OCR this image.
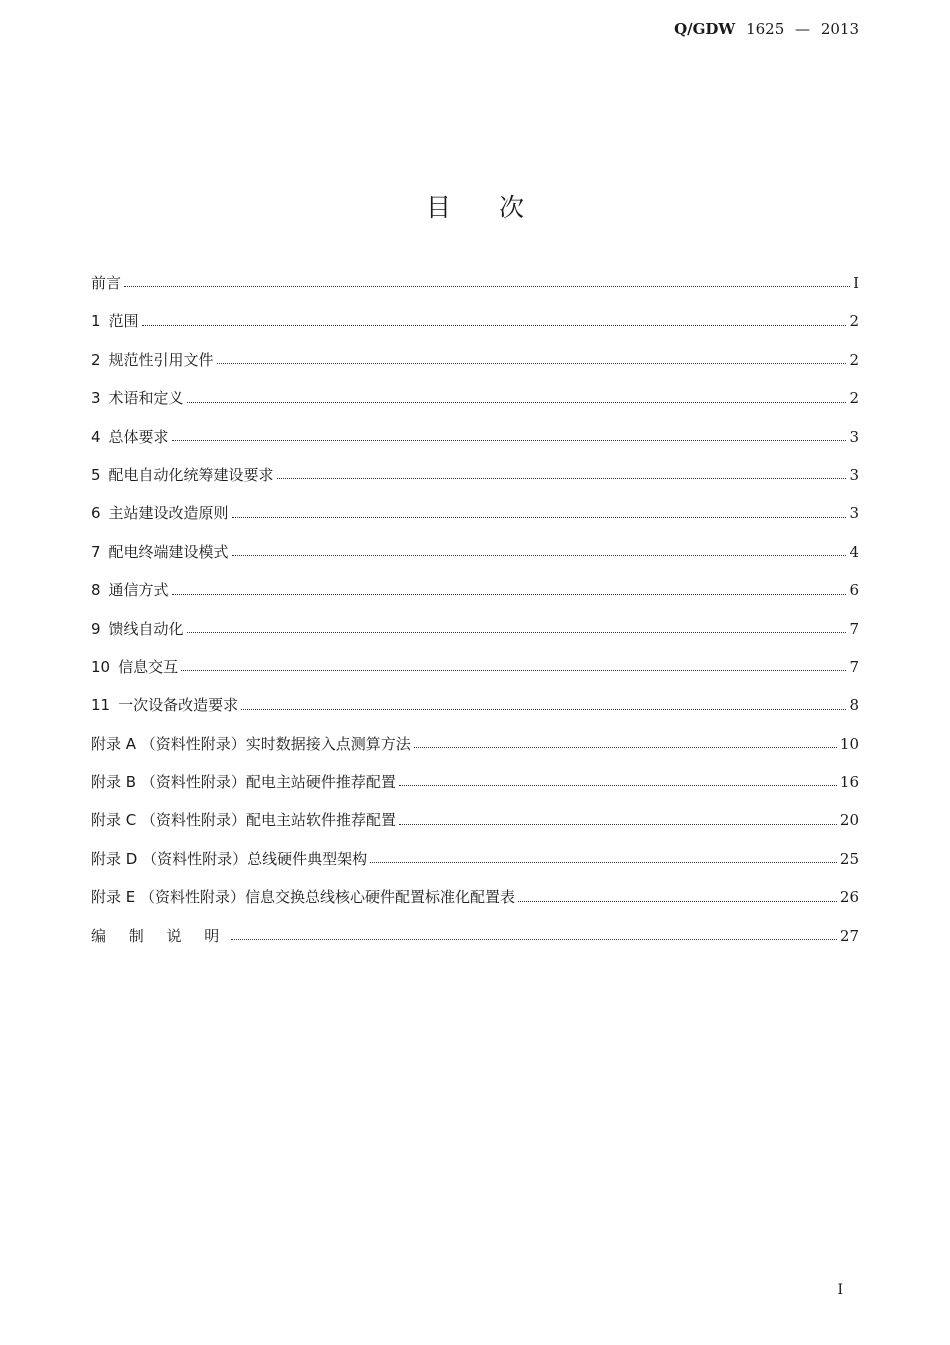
Q/GDW 1625 — 2013
目 次
前言	I
1 范围	2
2 规范性引用文件	2
3 术语和定义	2
4 总体要求	3
5 配电自动化统筹建设要求	3
6 主站建设改造原则	3
7 配电终端建设模式	4
8 通信方式	6
9 馈线自动化	7
10 信息交互	7
11 一次设备改造要求	8
附录 A （资料性附录）实时数据接入点测算方法	10
附录 B （资料性附录）配电主站硬件推荐配置	16
附录 C （资料性附录）配电主站软件推荐配置	20
附录 D （资料性附录）总线硬件典型架构	25
附录 E （资料性附录）信息交换总线核心硬件配置标准化配置表	26
编 制 说 明	27
I
